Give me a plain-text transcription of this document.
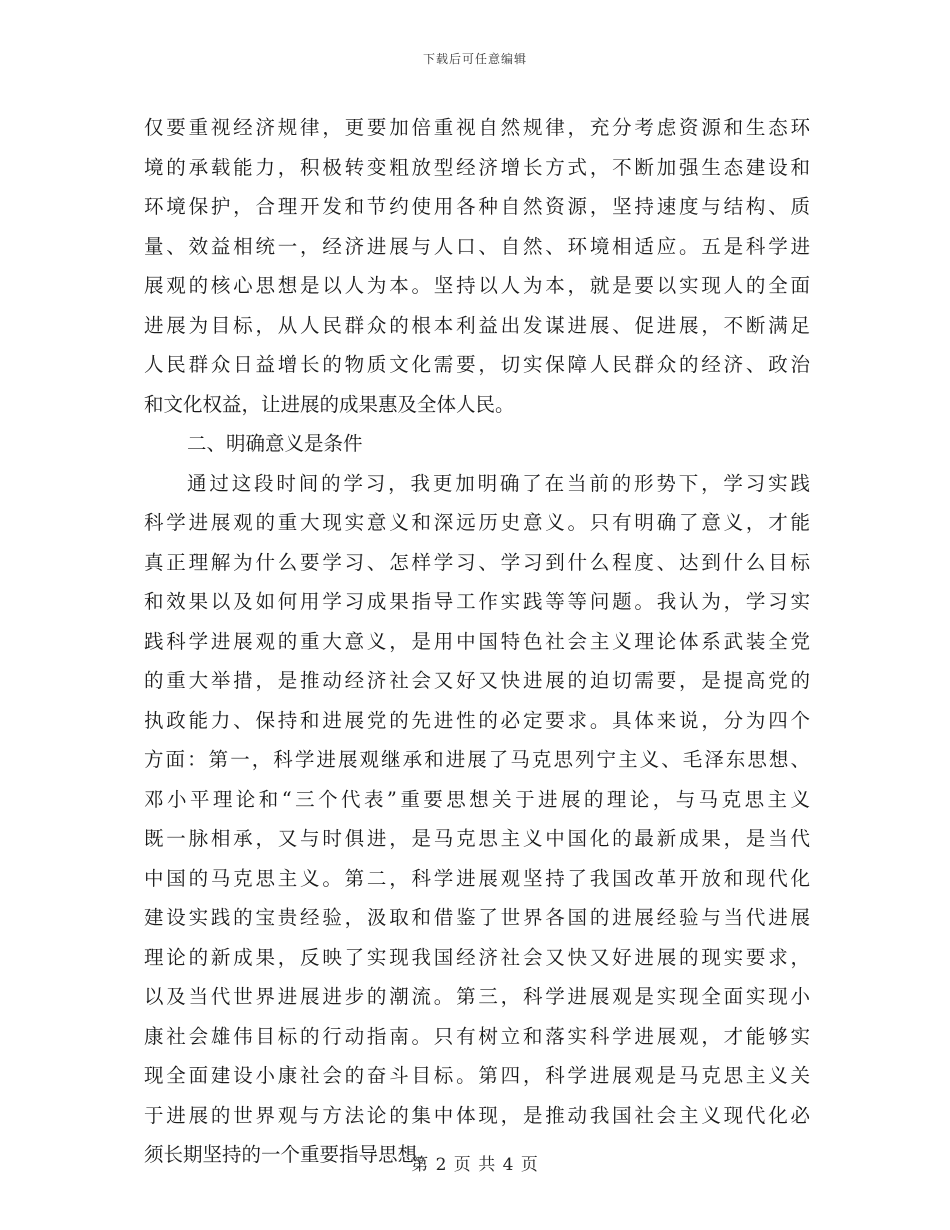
下载后可任意编辑
仅要重视经济规律，更要加倍重视自然规律，充分考虑资源和生态环
境的承载能力，积极转变粗放型经济增长方式，不断加强生态建设和
环境保护，合理开发和节约使用各种自然资源，坚持速度与结构、质
量、效益相统一，经济进展与人口、自然、环境相适应。五是科学进
展观的核心思想是以人为本。坚持以人为本，就是要以实现人的全面
进展为目标，从人民群众的根本利益出发谋进展、促进展，不断满足
人民群众日益增长的物质文化需要，切实保障人民群众的经济、政治
和文化权益，让进展的成果惠及全体人民。
二、明确意义是条件
通过这段时间的学习，我更加明确了在当前的形势下，学习实践
科学进展观的重大现实意义和深远历史意义。只有明确了意义，才能
真正理解为什么要学习、怎样学习、学习到什么程度、达到什么目标
和效果以及如何用学习成果指导工作实践等等问题。我认为，学习实
践科学进展观的重大意义，是用中国特色社会主义理论体系武装全党
的重大举措，是推动经济社会又好又快进展的迫切需要，是提高党的
执政能力、保持和进展党的先进性的必定要求。具体来说，分为四个
方面：第一，科学进展观继承和进展了马克思列宁主义、毛泽东思想、
邓小平理论和“三个代表”重要思想关于进展的理论，与马克思主义
既一脉相承，又与时俱进，是马克思主义中国化的最新成果，是当代
中国的马克思主义。第二，科学进展观坚持了我国改革开放和现代化
建设实践的宝贵经验，汲取和借鉴了世界各国的进展经验与当代进展
理论的新成果，反映了实现我国经济社会又快又好进展的现实要求，
以及当代世界进展进步的潮流。第三，科学进展观是实现全面实现小
康社会雄伟目标的行动指南。只有树立和落实科学进展观，才能够实
现全面建设小康社会的奋斗目标。第四，科学进展观是马克思主义关
于进展的世界观与方法论的集中体现，是推动我国社会主义现代化必
须长期坚持的一个重要指导思想。
第 2 页 共 4 页
